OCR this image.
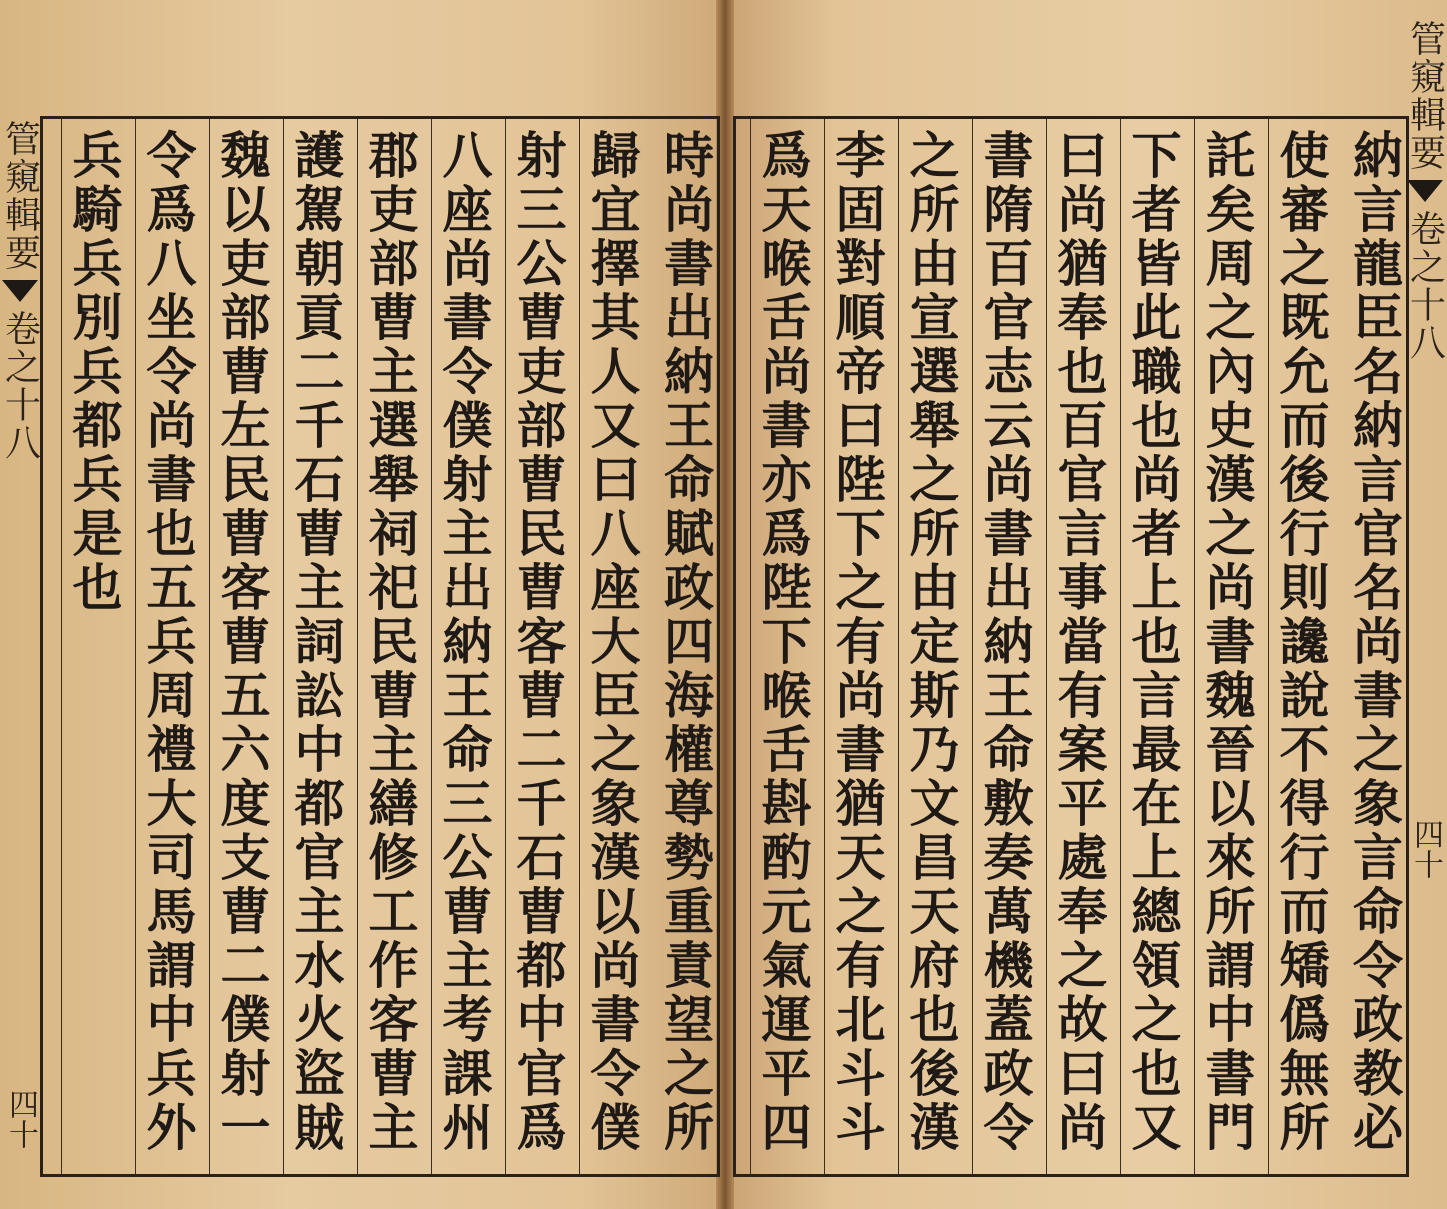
管窺輯要
卷之十八
四十
管窺輯要
卷之十八
四十
時尚書出納王命賦政四海權尊勢重責望之所
歸宜擇其人又曰八座大臣之象漢以尚書令僕
射三公曹吏部曹民曹客曹二千石曹都中官爲
八座尚書令僕射主出納王命三公曹主考課州
郡吏部曹主選舉祠祀民曹主繕修工作客曹主
護駕朝貢二千石曹主詞訟中都官主水火盜賊
魏以吏部曹左民曹客曹五六度支曹二僕射一
令爲八坐令尚書也五兵周禮大司馬謂中兵外
兵騎兵別兵都兵是也	納言龍臣名納言官名尚書之象言命令政教必
使審之既允而後行則讒說不得行而矯僞無所
託矣周之內史漢之尚書魏晉以來所謂中書門
下者皆此職也尚者上也言最在上總領之也又
曰尚猶奉也百官言事當有案平處奉之故曰尚
書隋百官志云尚書出納王命敷奏萬機蓋政令
之所由宣選舉之所由定斯乃文昌天府也後漢
李固對順帝曰陛下之有尚書猶天之有北斗斗
爲天喉舌尚書亦爲陛下喉舌斟酌元氣運平四
